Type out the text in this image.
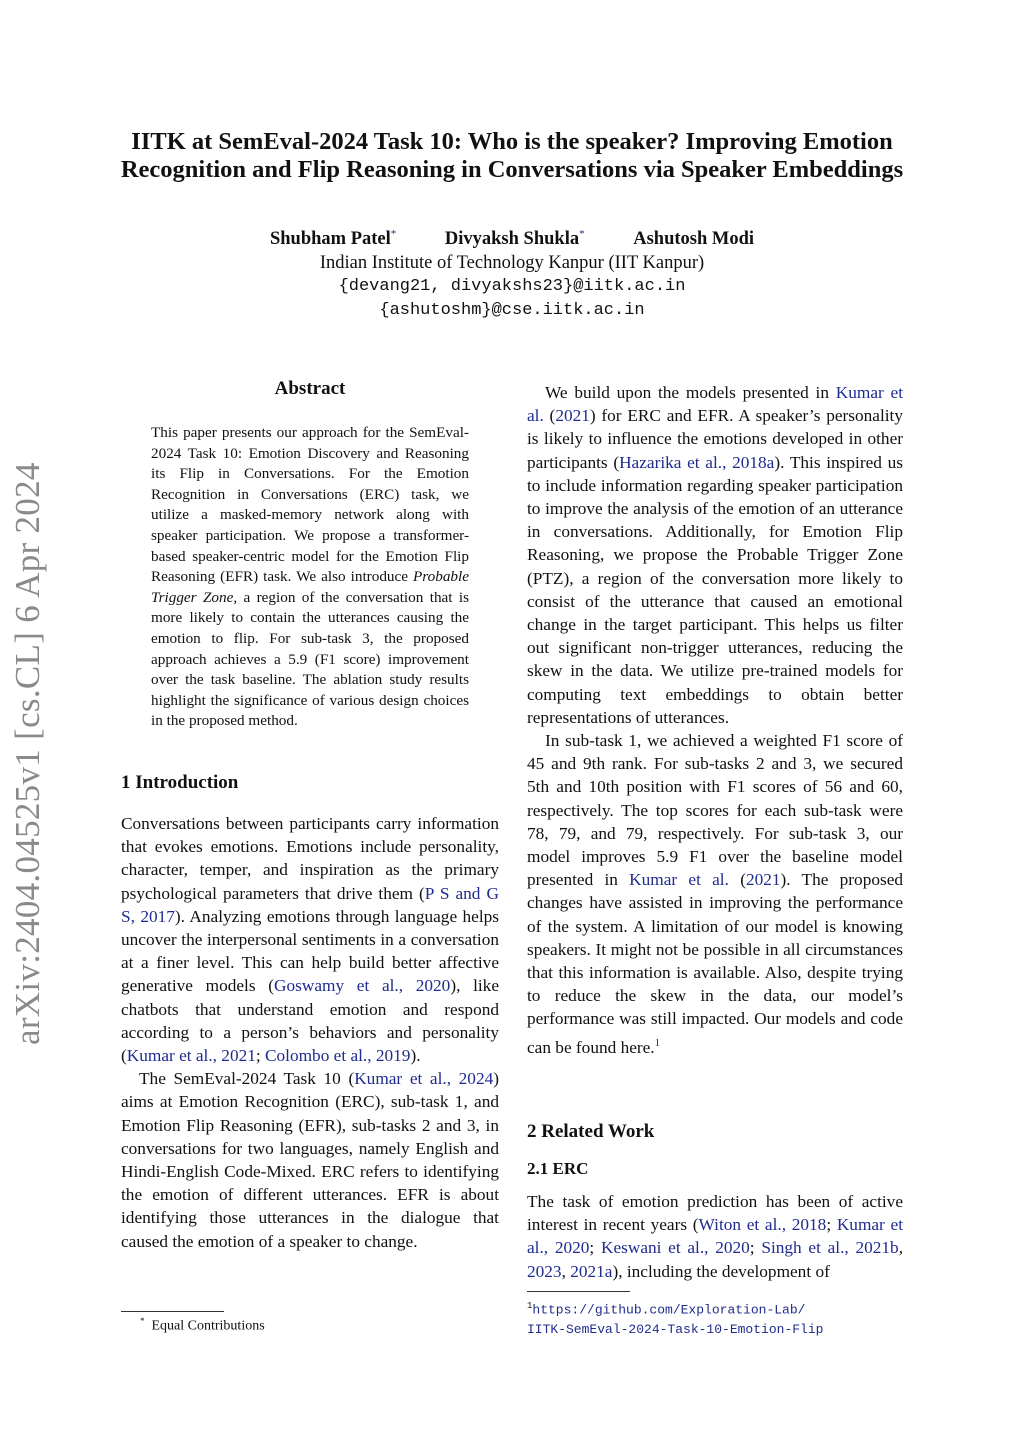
arXiv:2404.04525v1 [cs.CL] 6 Apr 2024
IITK at SemEval-2024 Task 10: Who is the speaker? Improving Emotion
Recognition and Flip Reasoning in Conversations via Speaker Embeddings
Shubham Patel*	Divyaksh Shukla*	Ashutosh Modi
Indian Institute of Technology Kanpur (IIT Kanpur)
{devang21, divyakshs23}@iitk.ac.in
{ashutoshm}@cse.iitk.ac.in
Abstract
This paper presents our approach for the SemEval-2024 Task 10: Emotion Discovery and Reasoning its Flip in Conversations. For the Emotion Recognition in Conversations (ERC) task, we utilize a masked-memory network along with speaker participation. We propose a transformer-based speaker-centric model for the Emotion Flip Reasoning (EFR) task. We also introduce Probable Trigger Zone, a region of the conversation that is more likely to contain the utterances causing the emotion to flip. For sub-task 3, the proposed approach achieves a 5.9 (F1 score) improvement over the task baseline. The ablation study results highlight the significance of various design choices in the proposed method.
1 Introduction

Conversations between participants carry information that evokes emotions. Emotions include personality, character, temper, and inspiration as the primary psychological parameters that drive them (P S and G S, 2017). Analyzing emotions through language helps uncover the interpersonal sentiments in a conversation at a finer level. This can help build better affective generative models (Goswamy et al., 2020), like chatbots that understand emotion and respond according to a person’s behaviors and personality (Kumar et al., 2021; Colombo et al., 2019).

The SemEval-2024 Task 10 (Kumar et al., 2024) aims at Emotion Recognition (ERC), sub-task 1, and Emotion Flip Reasoning (EFR), sub-tasks 2 and 3, in conversations for two languages, namely English and Hindi-English Code-Mixed. ERC refers to identifying the emotion of different utterances. EFR is about identifying those utterances in the dialogue that caused the emotion of a speaker to change.

* Equal Contributions

We build upon the models presented in Kumar et al. (2021) for ERC and EFR. A speaker’s personality is likely to influence the emotions developed in other participants (Hazarika et al., 2018a). This inspired us to include information regarding speaker participation to improve the analysis of the emotion of an utterance in conversations. Additionally, for Emotion Flip Reasoning, we propose the Probable Trigger Zone (PTZ), a region of the conversation more likely to consist of the utterance that caused an emotional change in the target participant. This helps us filter out significant non-trigger utterances, reducing the skew in the data. We utilize pre-trained models for computing text embeddings to obtain better representations of utterances.

In sub-task 1, we achieved a weighted F1 score of 45 and 9th rank. For sub-tasks 2 and 3, we secured 5th and 10th position with F1 scores of 56 and 60, respectively. The top scores for each sub-task were 78, 79, and 79, respectively. For sub-task 3, our model improves 5.9 F1 over the baseline model presented in Kumar et al. (2021). The proposed changes have assisted in improving the performance of the system. A limitation of our model is knowing speakers. It might not be possible in all circumstances that this information is available. Also, despite trying to reduce the skew in the data, our model’s performance was still impacted. Our models and code can be found here.$^1$

2 Related Work
2.1 ERC

The task of emotion prediction has been of active interest in recent years (Witon et al., 2018; Kumar et al., 2020; Keswani et al., 2020; Singh et al., 2021b, 2023, 2021a), including the development of

$^1$https://github.com/Exploration-Lab/
IITK-SemEval-2024-Task-10-Emotion-Flip
